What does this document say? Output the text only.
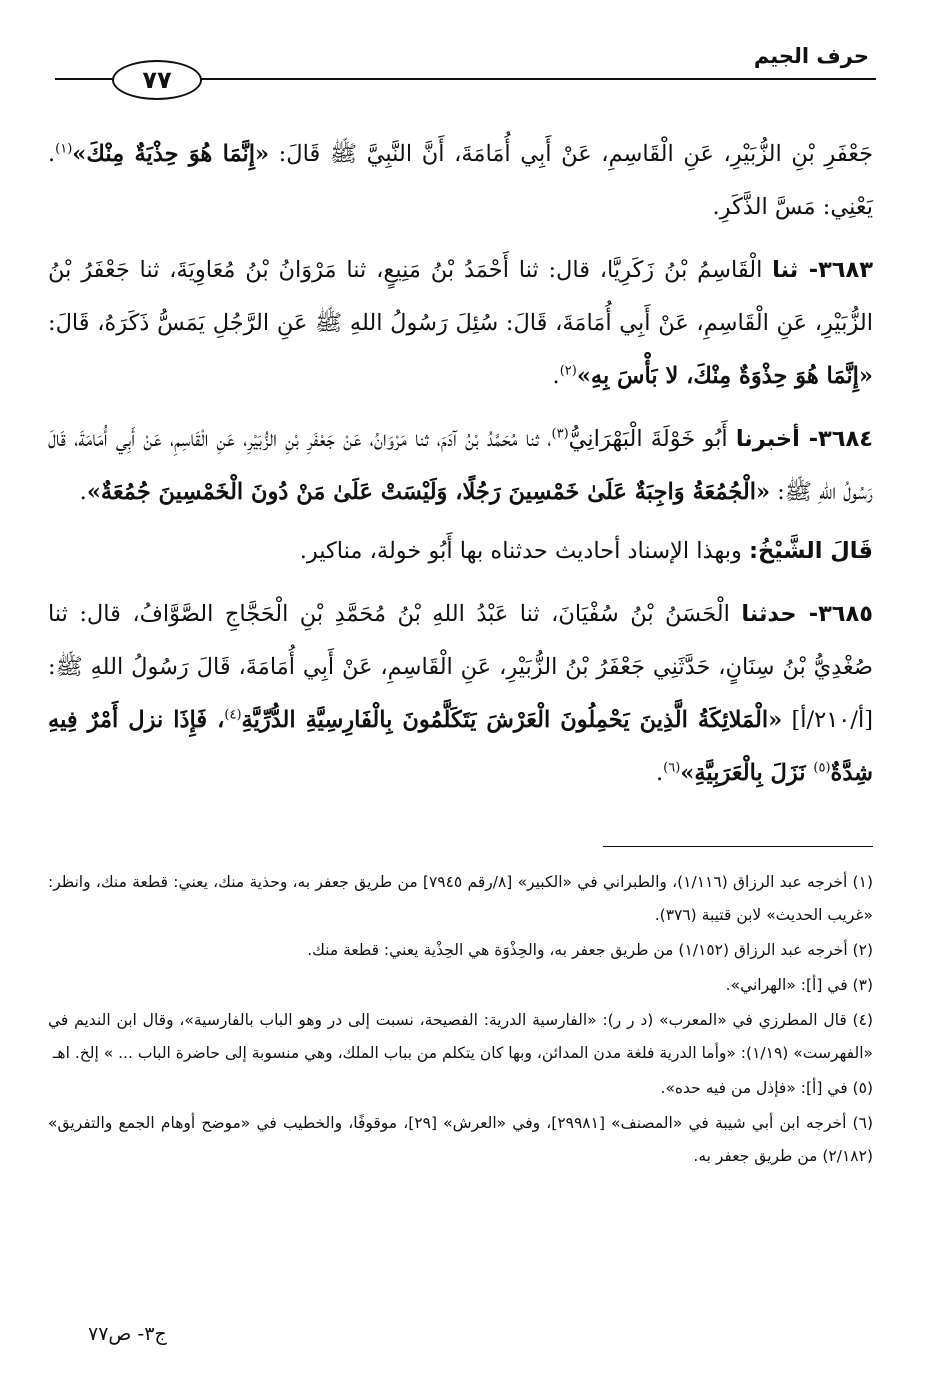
حرف الجيم
٧٧

جَعْفَرِ بْنِ الزُّبَيْرِ، عَنِ الْقَاسِمِ، عَنْ أَبِي أُمَامَةَ، أَنَّ النَّبِيَّ ﷺ قَالَ: «إِنَّمَا هُوَ حِذْيَةٌ مِنْكَ»$^{(١)}$. يَعْنِي: مَسَّ الذَّكَرِ.

٣٦٨٣- ثنا الْقَاسِمُ بْنُ زَكَرِيَّا، قال: ثنا أَحْمَدُ بْنُ مَنِيعٍ، ثنا مَرْوَانُ بْنُ مُعَاوِيَةَ، ثنا جَعْفَرُ بْنُ الزُّبَيْرِ، عَنِ الْقَاسِمِ، عَنْ أَبِي أُمَامَةَ، قَالَ: سُئِلَ رَسُولُ اللهِ ﷺ عَنِ الرَّجُلِ يَمَسُّ ذَكَرَهُ، قَالَ: «إِنَّمَا هُوَ حِذْوَةٌ مِنْكَ، لا بَأْسَ بِهِ»$^{(٢)}$.

٣٦٨٤- أخبرنا أَبُو خَوْلَةَ الْبَهْرَانِيُّ$^{(٣)}$، ثنا مُحَمَّدُ بْنُ آدَمَ، ثنا مَرْوَانُ، عَنْ جَعْفَرِ بْنِ الزُّبَيْرِ، عَنِ الْقَاسِمِ، عَنْ أَبِي أُمَامَةَ، قَالَ رَسُولُ اللهِ ﷺ: «الْجُمُعَةُ وَاجِبَةٌ عَلَىٰ خَمْسِينَ رَجُلًا، وَلَيْسَتْ عَلَىٰ مَنْ دُونَ الْخَمْسِينَ جُمُعَةٌ».

قَالَ الشَّيْخُ: وبهذا الإسناد أحاديث حدثناه بها أَبُو خولة، مناكير.

٣٦٨٥- حدثنا الْحَسَنُ بْنُ سُفْيَانَ، ثنا عَبْدُ اللهِ بْنُ مُحَمَّدِ بْنِ الْحَجَّاجِ الصَّوَّافُ، قال: ثنا صُغْدِيُّ بْنُ سِنَانٍ، حَدَّثَنِي جَعْفَرُ بْنُ الزُّبَيْرِ، عَنِ الْقَاسِمِ، عَنْ أَبِي أُمَامَةَ، قَالَ رَسُولُ اللهِ ﷺ: [أ/٢١٠/أ] «الْمَلائِكَةُ الَّذِينَ يَحْمِلُونَ الْعَرْشَ يَتَكَلَّمُونَ بِالْفَارِسِيَّةِ الدُّرِّيَّةِ$^{(٤)}$، فَإِذَا نزل أَمْرٌ فِيهِ شِدَّةٌ$^{(٥)}$ نَزَلَ بِالْعَرَبِيَّةِ»$^{(٦)}$.

(١) أخرجه عبد الرزاق (١/١١٦)، والطبراني في «الكبير» [٨/رقم ٧٩٤٥] من طريق جعفر به، وحذية منك، يعني: قطعة منك، وانظر: «غريب الحديث» لابن قتيبة (٣٧٦).

(٢) أخرجه عبد الرزاق (١/١٥٢) من طريق جعفر به، والحِذْوَة هي الحِذْية يعني: قطعة منك.

(٣) في [أ]: «الهراني».

(٤) قال المطرزي في «المعرب» (د ر ر): «الفارسية الدرية: الفصيحة، نسبت إلى در وهو الباب بالفارسية»، وقال ابن النديم في «الفهرست» (١/١٩): «وأما الدرية فلغة مدن المدائن، وبها كان يتكلم من بباب الملك، وهي منسوبة إلى حاضرة الباب ... » إلخ. اهـ

(٥) في [أ]: «فإذل من فيه حده».

(٦) أخرجه ابن أبي شيبة في «المصنف» [٢٩٩٨١]، وفي «العرش» [٢٩]، موقوفًا، والخطيب في «موضح أوهام الجمع والتفريق» (٢/١٨٢) من طريق جعفر به.

ج٣- ص٧٧
